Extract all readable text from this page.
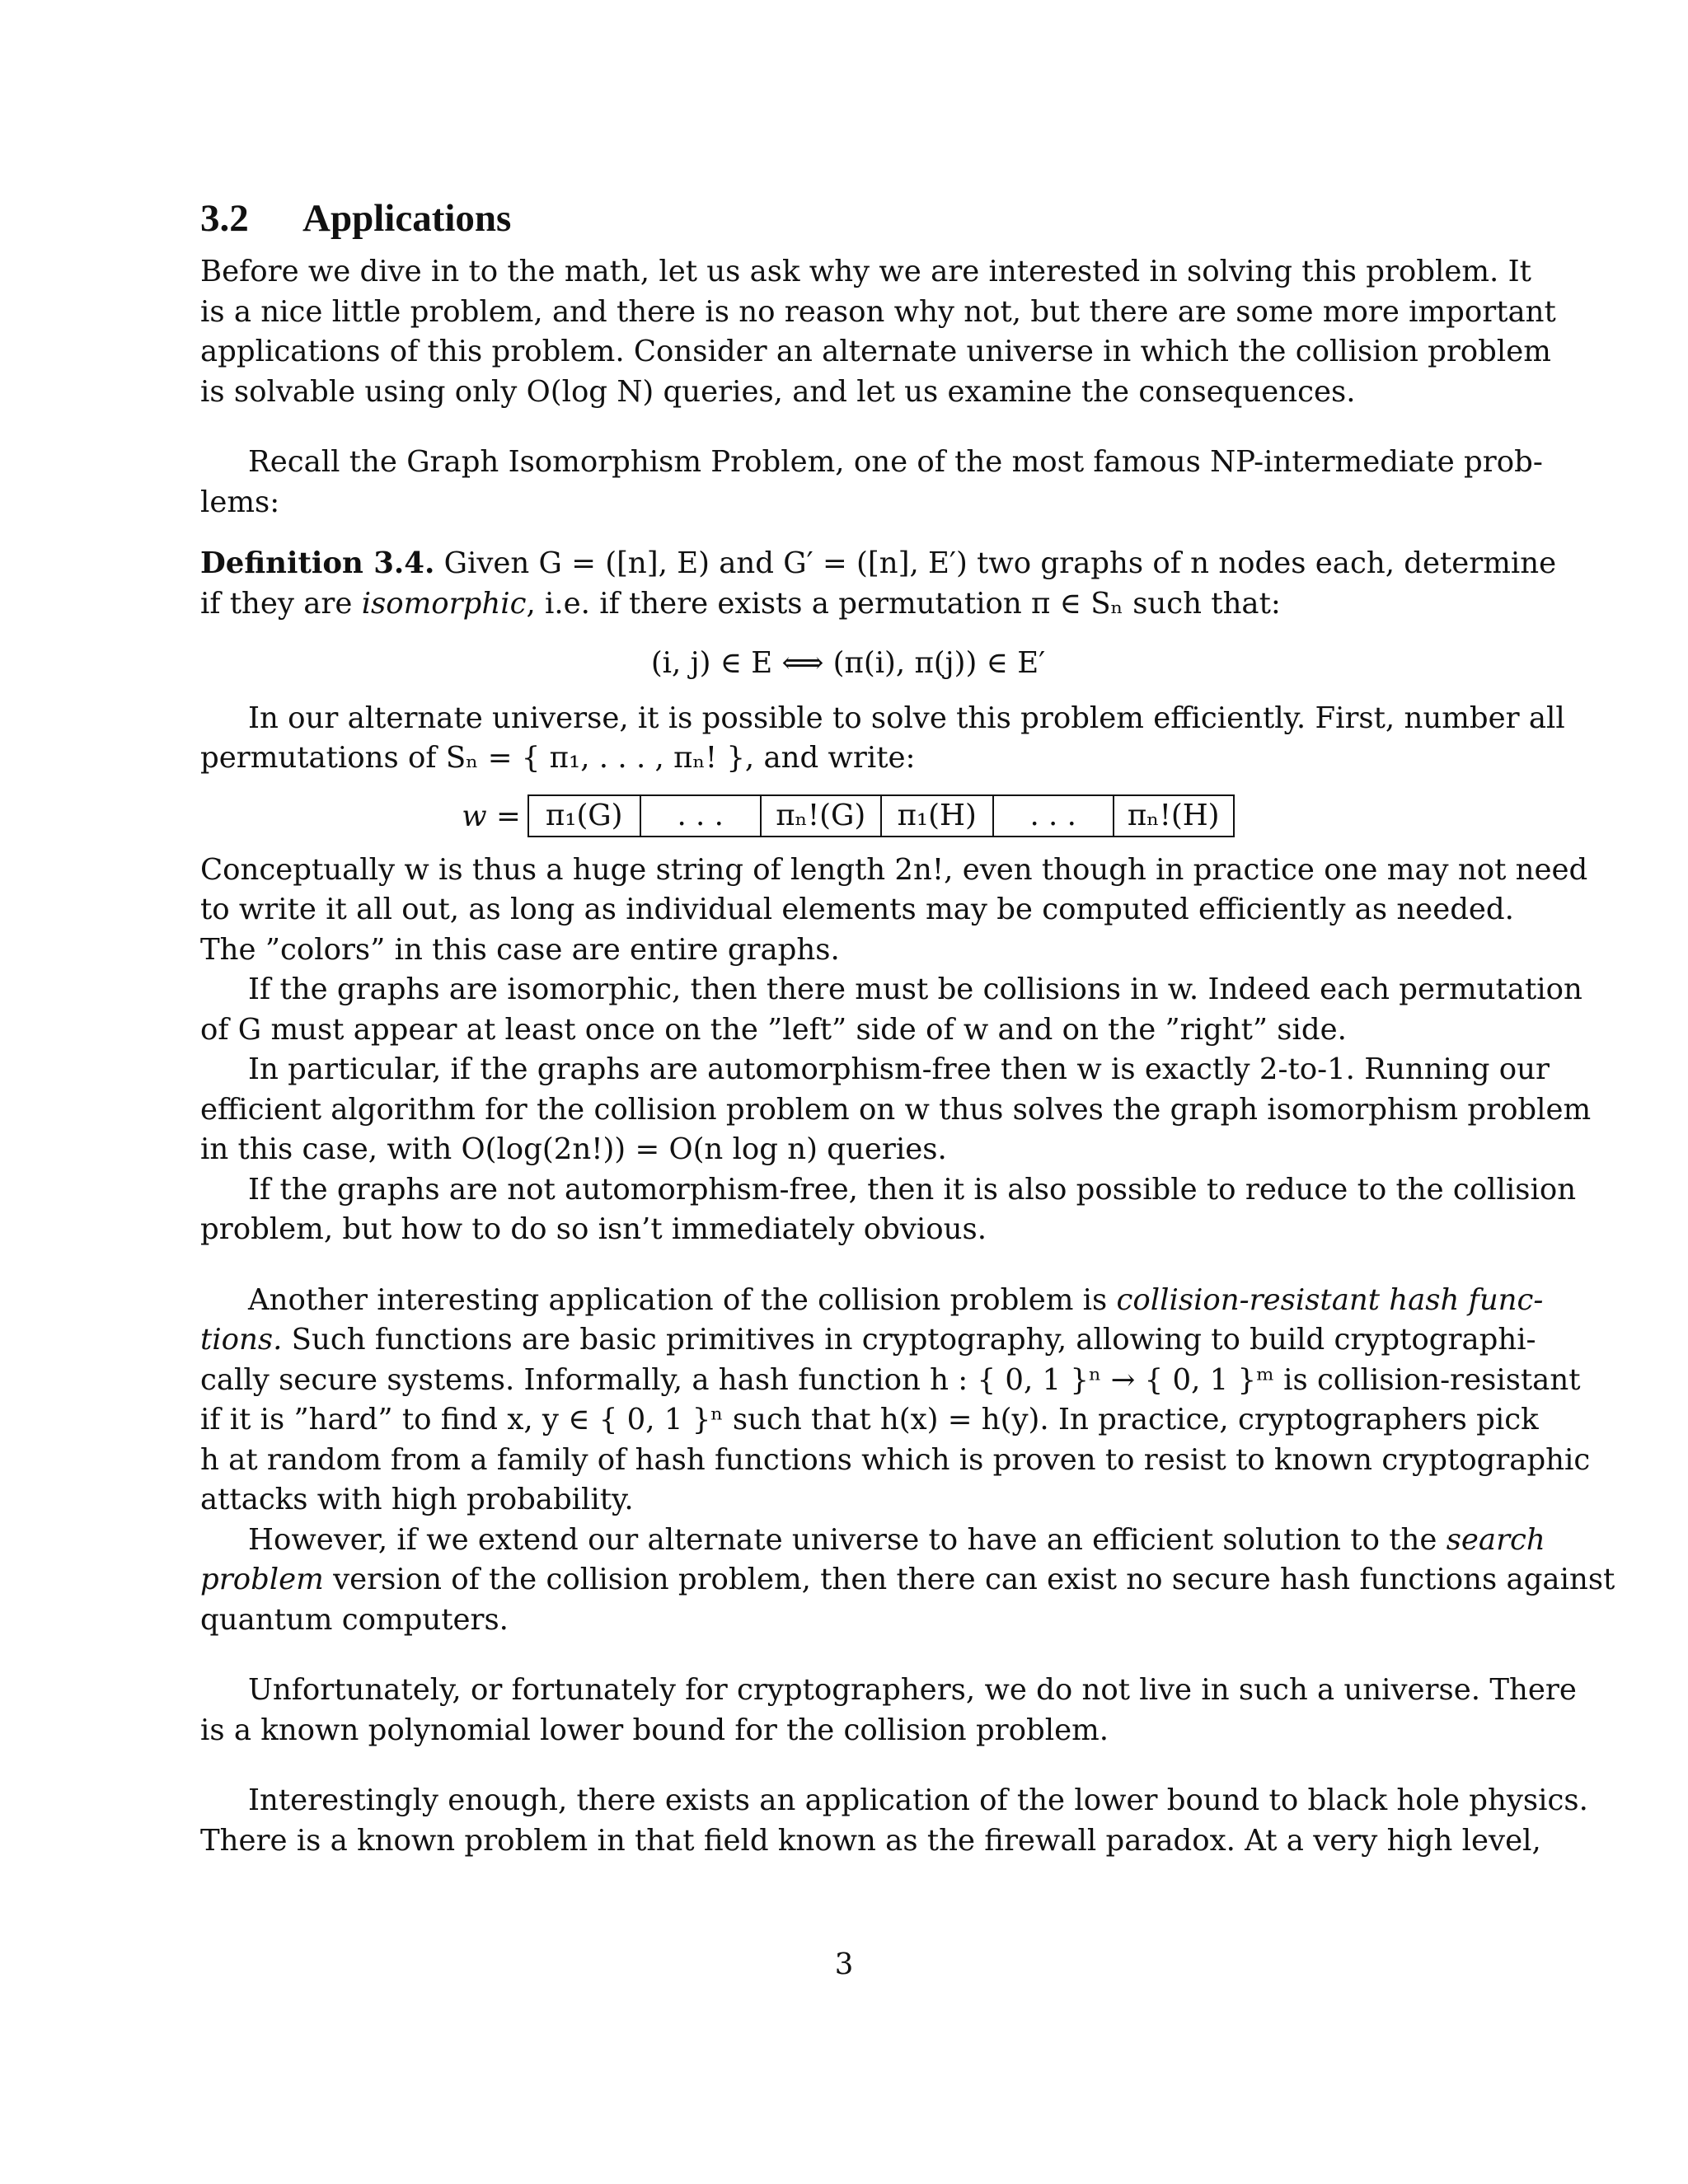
3.2 Applications
Before we dive in to the math, let us ask why we are interested in solving this problem. It
is a nice little problem, and there is no reason why not, but there are some more important
applications of this problem. Consider an alternate universe in which the collision problem
is solvable using only O(log N) queries, and let us examine the consequences.
Recall the Graph Isomorphism Problem, one of the most famous NP-intermediate prob-
lems:
Definition 3.4. Given G = ([n], E) and G′ = ([n], E′) two graphs of n nodes each, determine
if they are isomorphic, i.e. if there exists a permutation π ∈ Sₙ such that:
(i, j) ∈ E ⟺ (π(i), π(j)) ∈ E′
In our alternate universe, it is possible to solve this problem efficiently. First, number all
permutations of Sₙ = { π₁, . . . , πₙ! }, and write:
w = π₁(G)	. . .	πₙ!(G)	π₁(H)	. . .	πₙ!(H)
Conceptually w is thus a huge string of length 2n!, even though in practice one may not need
to write it all out, as long as individual elements may be computed efficiently as needed.
The ”colors” in this case are entire graphs.
If the graphs are isomorphic, then there must be collisions in w. Indeed each permutation
of G must appear at least once on the ”left” side of w and on the ”right” side.
In particular, if the graphs are automorphism-free then w is exactly 2-to-1. Running our
efficient algorithm for the collision problem on w thus solves the graph isomorphism problem
in this case, with O(log(2n!)) = O(n log n) queries.
If the graphs are not automorphism-free, then it is also possible to reduce to the collision
problem, but how to do so isn’t immediately obvious.
Another interesting application of the collision problem is collision-resistant hash func-
tions. Such functions are basic primitives in cryptography, allowing to build cryptographi-
cally secure systems. Informally, a hash function h : { 0, 1 }ⁿ → { 0, 1 }ᵐ is collision-resistant
if it is ”hard” to find x, y ∈ { 0, 1 }ⁿ such that h(x) = h(y). In practice, cryptographers pick
h at random from a family of hash functions which is proven to resist to known cryptographic
attacks with high probability.
However, if we extend our alternate universe to have an efficient solution to the search
problem version of the collision problem, then there can exist no secure hash functions against
quantum computers.
Unfortunately, or fortunately for cryptographers, we do not live in such a universe. There
is a known polynomial lower bound for the collision problem.
Interestingly enough, there exists an application of the lower bound to black hole physics.
There is a known problem in that field known as the firewall paradox. At a very high level,
3
